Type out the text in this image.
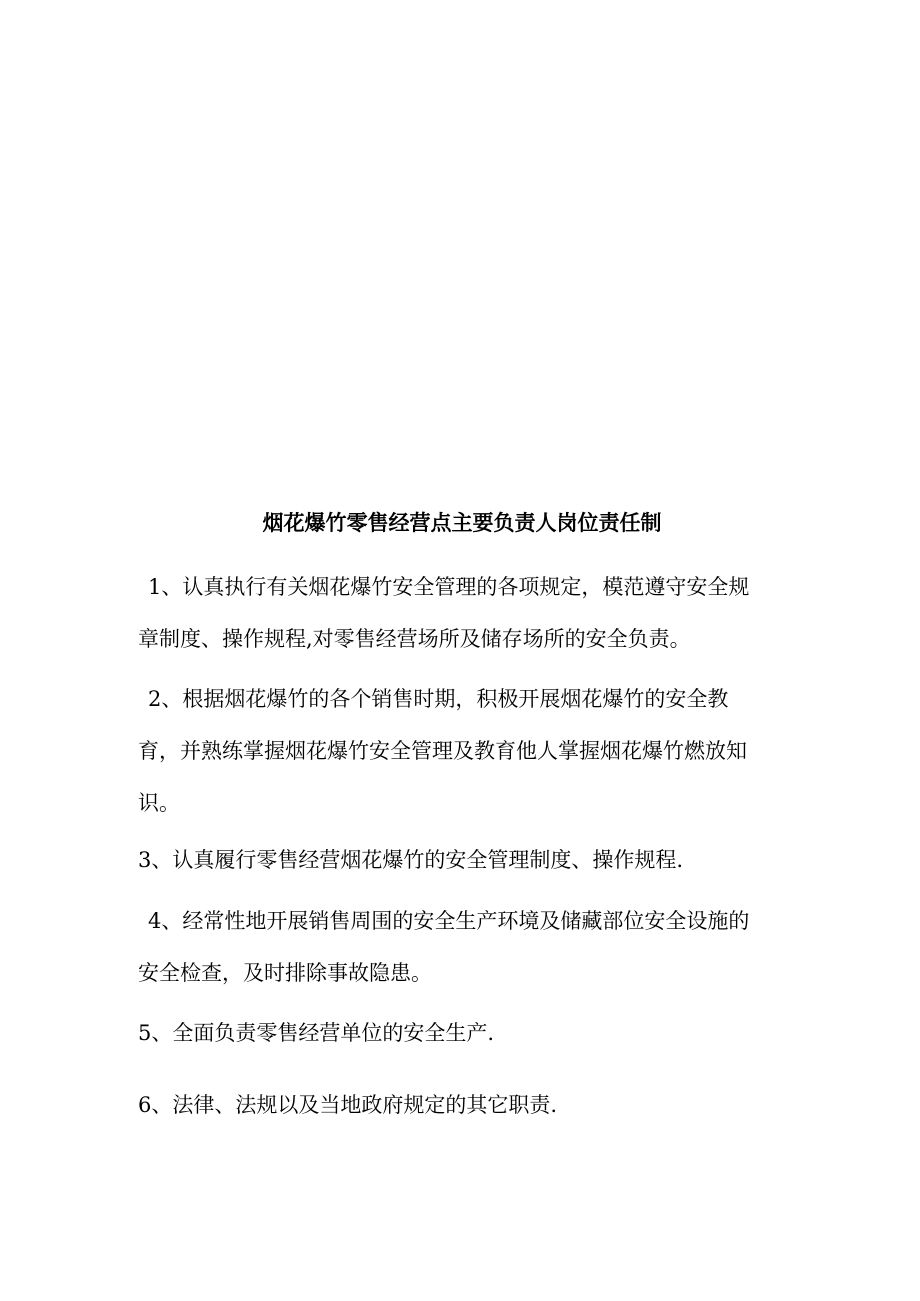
烟花爆竹零售经营点主要负责人岗位责任制
1、认真执行有关烟花爆竹安全管理的各项规定，模范遵守安全规
章制度、操作规程,对零售经营场所及储存场所的安全负责。
2、根据烟花爆竹的各个销售时期，积极开展烟花爆竹的安全教
育，并熟练掌握烟花爆竹安全管理及教育他人掌握烟花爆竹燃放知
识。
3、认真履行零售经营烟花爆竹的安全管理制度、操作规程.
4、经常性地开展销售周围的安全生产环境及储藏部位安全设施的
安全检查，及时排除事故隐患。
5、全面负责零售经营单位的安全生产.
6、法律、法规以及当地政府规定的其它职责.
